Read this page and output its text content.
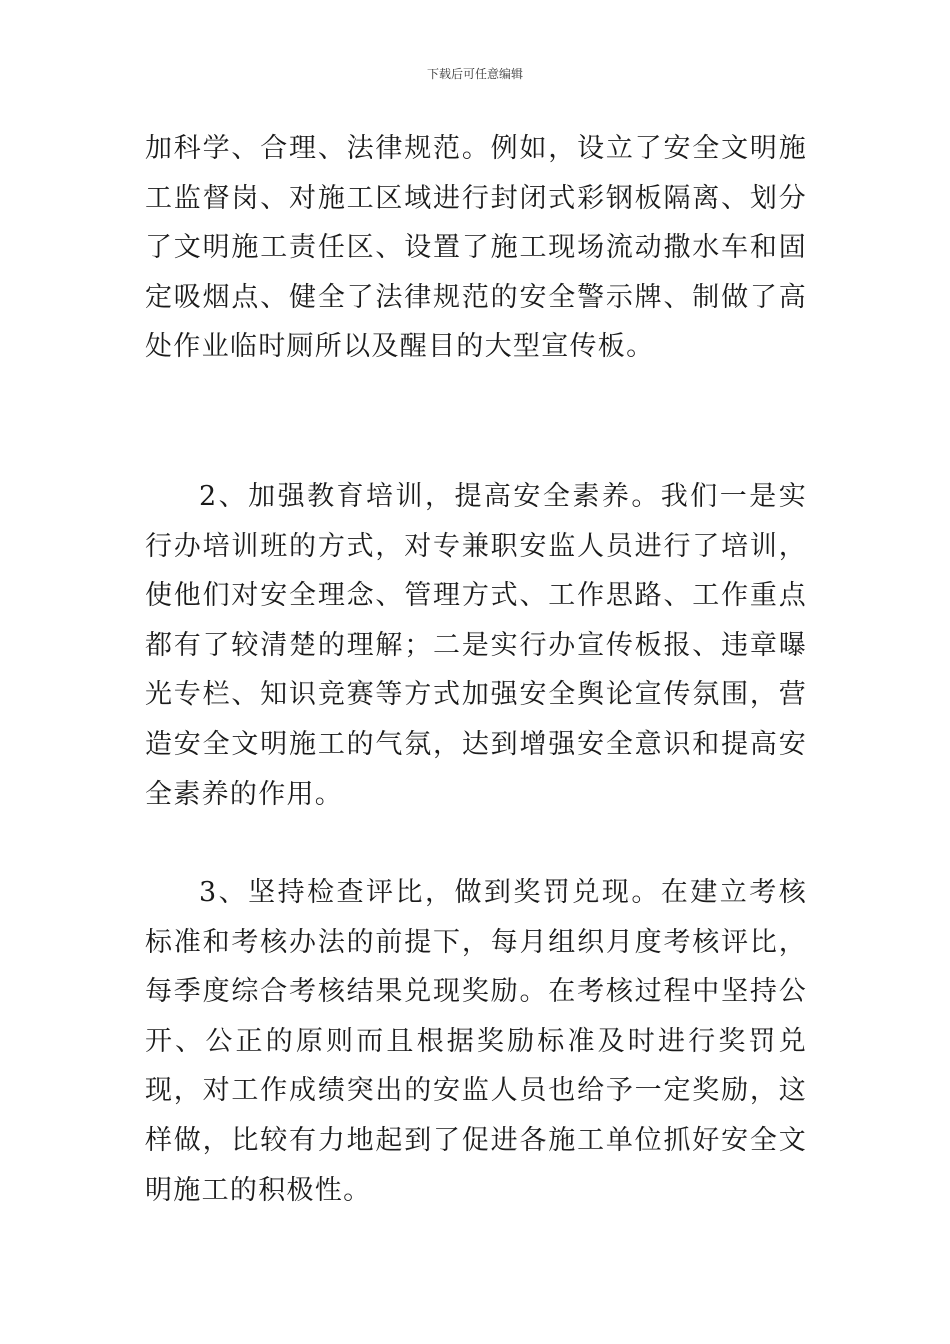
下载后可任意编辑

加科学、合理、法律规范。例如，设立了安全文明施工监督岗、对施工区域进行封闭式彩钢板隔离、划分了文明施工责任区、设置了施工现场流动撒水车和固定吸烟点、健全了法律规范的安全警示牌、制做了高处作业临时厕所以及醒目的大型宣传板。

2、加强教育培训，提高安全素养。我们一是实行办培训班的方式，对专兼职安监人员进行了培训，使他们对安全理念、管理方式、工作思路、工作重点都有了较清楚的理解；二是实行办宣传板报、违章曝光专栏、知识竞赛等方式加强安全舆论宣传氛围，营造安全文明施工的气氛，达到增强安全意识和提高安全素养的作用。

3、坚持检查评比，做到奖罚兑现。在建立考核标准和考核办法的前提下，每月组织月度考核评比，每季度综合考核结果兑现奖励。在考核过程中坚持公开、公正的原则而且根据奖励标准及时进行奖罚兑现，对工作成绩突出的安监人员也给予一定奖励，这样做，比较有力地起到了促进各施工单位抓好安全文明施工的积极性。
